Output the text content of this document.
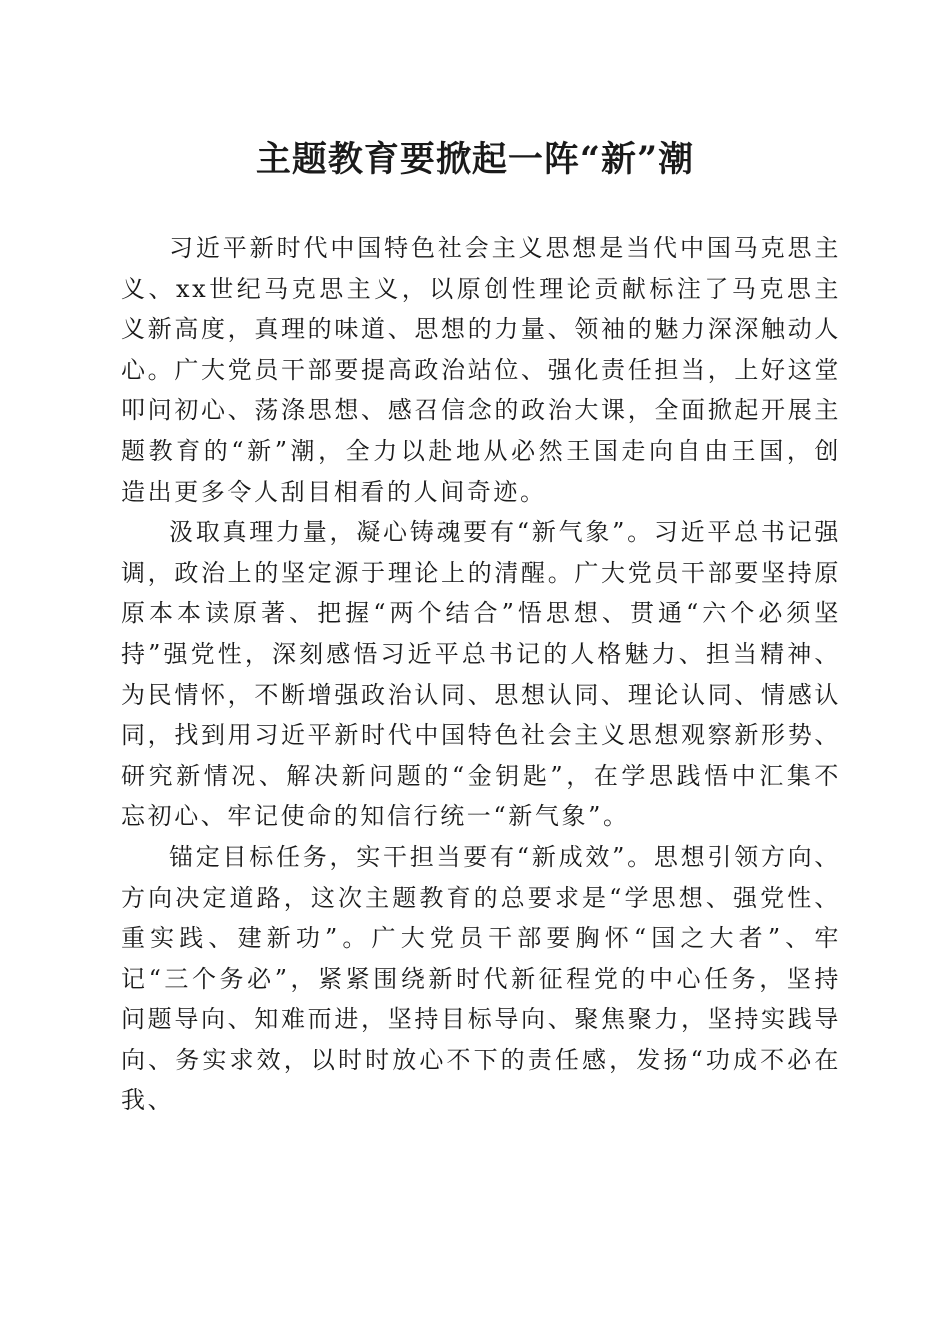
主题教育要掀起一阵“新”潮

习近平新时代中国特色社会主义思想是当代中国马克思主义、xx世纪马克思主义，以原创性理论贡献标注了马克思主义新高度，真理的味道、思想的力量、领袖的魅力深深触动人心。广大党员干部要提高政治站位、强化责任担当，上好这堂叩问初心、荡涤思想、感召信念的政治大课，全面掀起开展主题教育的“新”潮，全力以赴地从必然王国走向自由王国，创造出更多令人刮目相看的人间奇迹。

汲取真理力量，凝心铸魂要有“新气象”。习近平总书记强调，政治上的坚定源于理论上的清醒。广大党员干部要坚持原原本本读原著、把握“两个结合”悟思想、贯通“六个必须坚持”强党性，深刻感悟习近平总书记的人格魅力、担当精神、为民情怀，不断增强政治认同、思想认同、理论认同、情感认同，找到用习近平新时代中国特色社会主义思想观察新形势、研究新情况、解决新问题的“金钥匙”，在学思践悟中汇集不忘初心、牢记使命的知信行统一“新气象”。

锚定目标任务，实干担当要有“新成效”。思想引领方向、方向决定道路，这次主题教育的总要求是“学思想、强党性、重实践、建新功”。广大党员干部要胸怀“国之大者”、牢记“三个务必”，紧紧围绕新时代新征程党的中心任务，坚持问题导向、知难而进，坚持目标导向、聚焦聚力，坚持实践导向、务实求效，以时时放心不下的责任感，发扬“功成不必在我、
